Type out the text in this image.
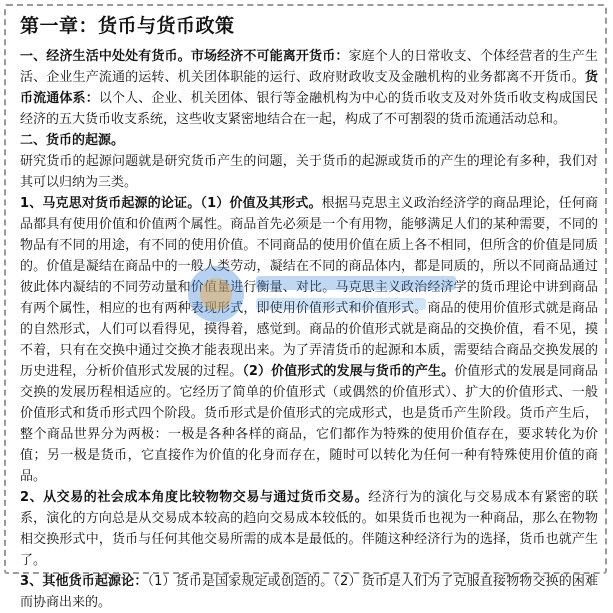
第一章：货币与货币政策

一、经济生活中处处有货币。市场经济不可能离开货币：家庭个人的日常收支、个体经营者的生产生活、企业生产流通的运转、机关团体职能的运行、政府财政收支及金融机构的业务都离不开货币。货币流通体系：以个人、企业、机关团体、银行等金融机构为中心的货币收支及对外货币收支构成国民经济的五大货币收支系统，这些收支紧密地结合在一起，构成了不可割裂的货币流通活动总和。

二、货币的起源。

研究货币的起源问题就是研究货币产生的问题，关于货币的起源或货币的产生的理论有多种，我们对其可以归纳为三类。

1、马克思对货币起源的论证。（1）价值及其形式。根据马克思主义政治经济学的商品理论，任何商品都具有使用价值和价值两个属性。商品首先必须是一个有用物，能够满足人们的某种需要，不同的物品有不同的用途，有不同的使用价值。不同商品的使用价值在质上各不相同，但所含的价值是同质的。价值是凝结在商品中的一般人类劳动，凝结在不同的商品体内，都是同质的，所以不同商品通过彼此体内凝结的不同劳动量和价值量进行衡量、对比。马克思主义政治经济学的货币理论中讲到商品有两个属性，相应的也有两种表现形式，即使用价值形式和价值形式。商品的使用价值形式就是商品的自然形式，人们可以看得见，摸得着，感觉到。商品的价值形式就是商品的交换价值，看不见，摸不着，只有在交换中通过交换才能表现出来。为了弄清货币的起源和本质，需要结合商品交换发展的历史进程，分析价值形式发展的过程。（2）价值形式的发展与货币的产生。价值形式的发展是同商品交换的发展历程相适应的。它经历了简单的价值形式（或偶然的价值形式）、扩大的价值形式、一般价值形式和货币形式四个阶段。货币形式是价值形式的完成形式，也是货币产生阶段。货币产生后，整个商品世界分为两极：一极是各种各样的商品，它们都作为特殊的使用价值存在，要求转化为价值；另一极是货币，它直接作为价值的化身而存在，随时可以转化为任何一种有特殊使用价值的商品。

2、从交易的社会成本角度比较物物交易与通过货币交易。经济行为的演化与交易成本有紧密的联系，演化的方向总是从交易成本较高的趋向交易成本较低的。如果货币也视为一种商品，那么在物物相交换形式中，货币与任何其他交易所需的成本是最低的。伴随这种经济行为的选择，货币也就产生了。

3、其他货币起源论：（1）货币是国家规定或创造的。（2）货币是人们为了克服直接物物交换的困难而协商出来的。
